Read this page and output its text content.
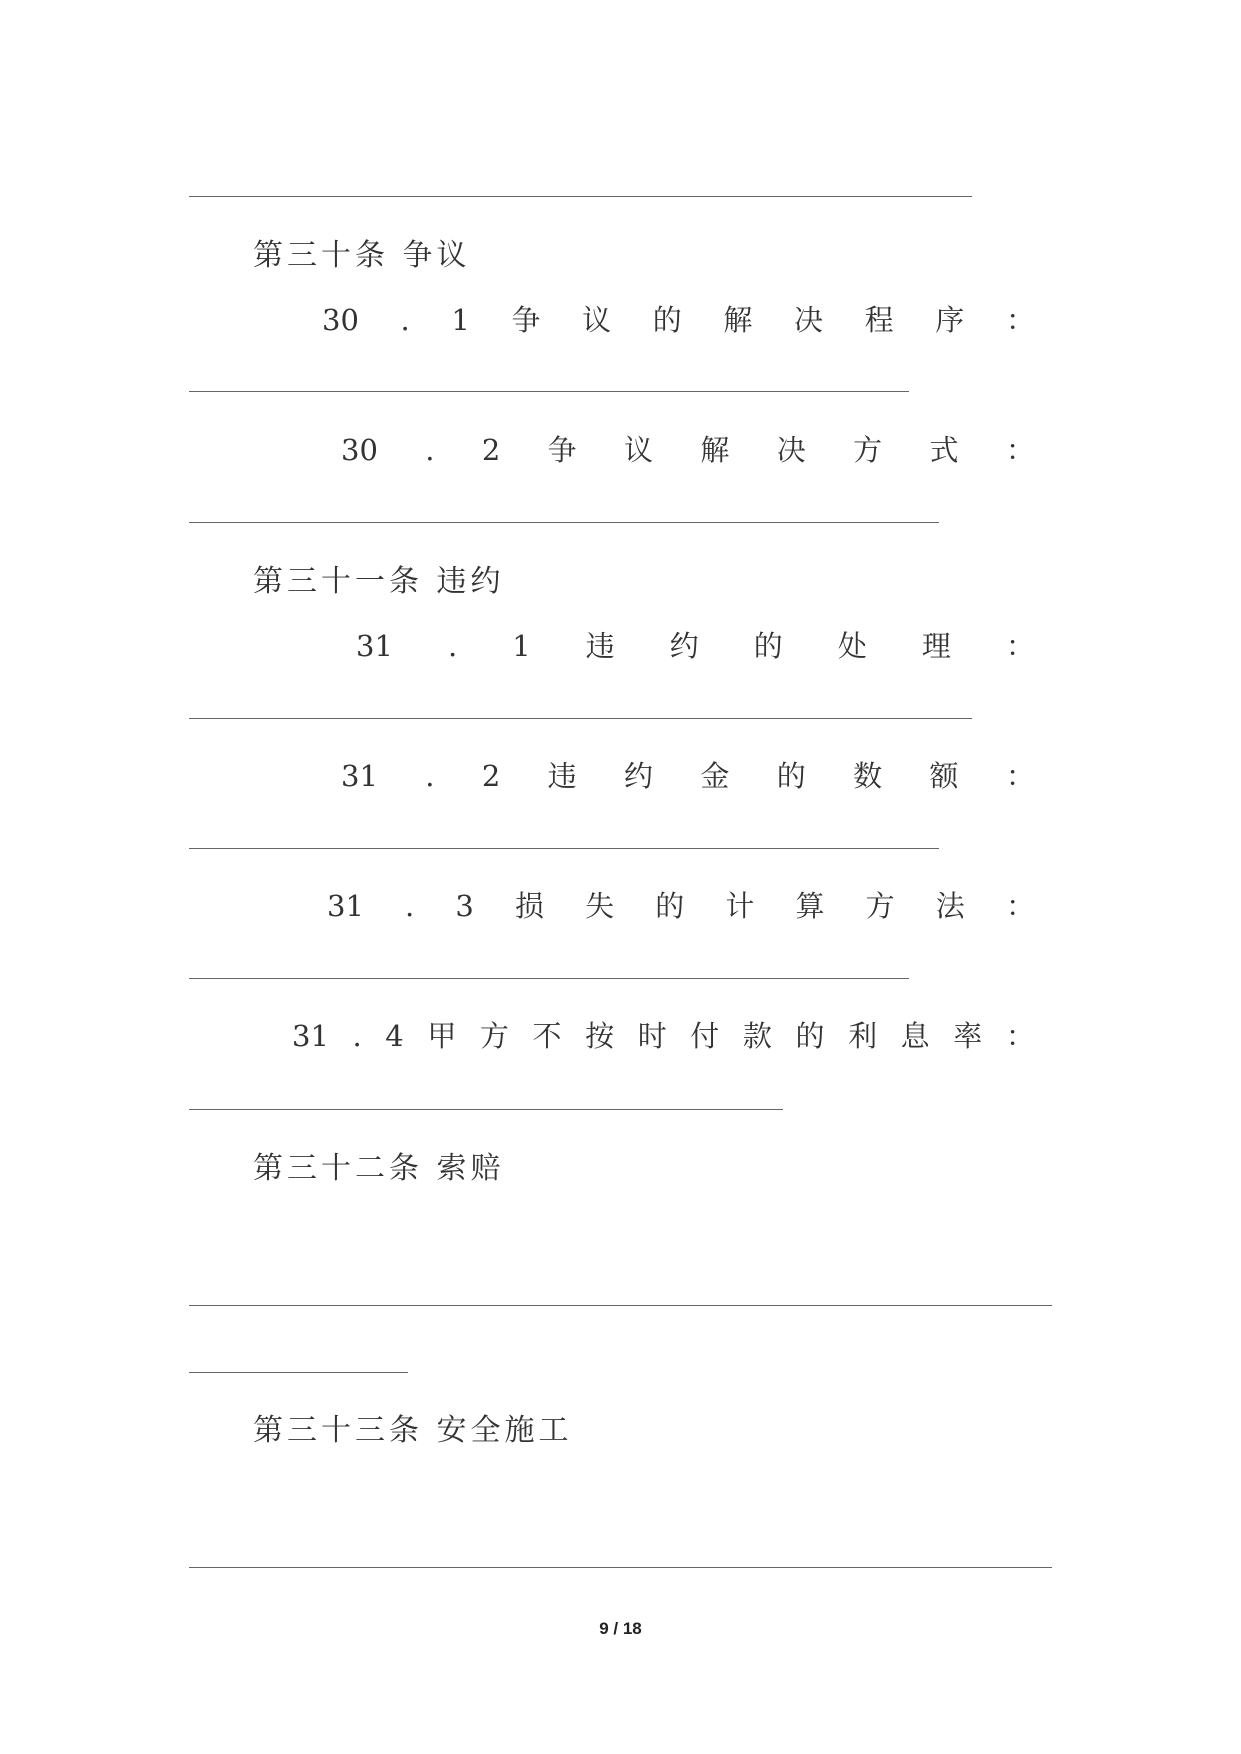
第三十条 争议
30 . 1 争 议 的 解 决 程 序 ：
30 . 2 争 议 解 决 方 式 ：
第三十一条 违约
31 . 1 违 约 的 处 理 ：
31 . 2 违 约 金 的 数 额 ：
31 . 3 损 失 的 计 算 方 法 ：
31 . 4 甲 方 不 按 时 付 款 的 利 息 率 ：
第三十二条 索赔
第三十三条 安全施工
9 / 18
